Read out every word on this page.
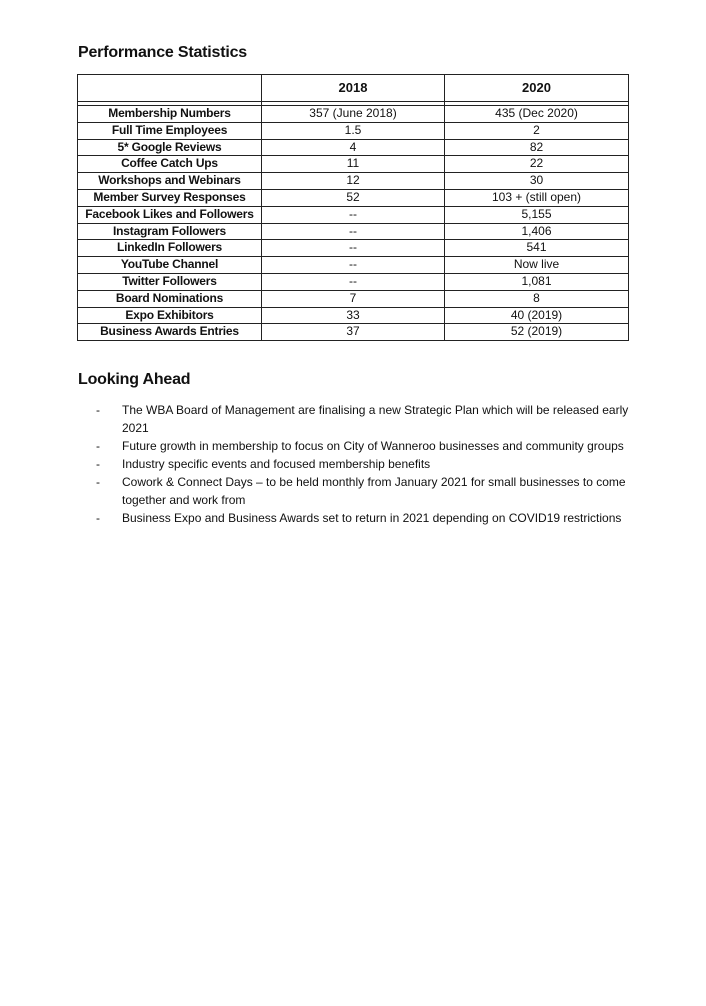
Performance Statistics
	2018	2020

Membership Numbers	357 (June 2018)	435 (Dec 2020)
Full Time Employees	1.5	2
5* Google Reviews	4	82
Coffee Catch Ups	11	22
Workshops and Webinars	12	30
Member Survey Responses	52	103 + (still open)
Facebook Likes and Followers	--	5,155
Instagram Followers	--	1,406
LinkedIn Followers	--	541
YouTube Channel	--	Now live
Twitter Followers	--	1,081
Board Nominations	7	8
Expo Exhibitors	33	40 (2019)
Business Awards Entries	37	52 (2019)
Looking Ahead
- The WBA Board of Management are finalising a new Strategic Plan which will be released early 2021
- Future growth in membership to focus on City of Wanneroo businesses and community groups
- Industry specific events and focused membership benefits
- Cowork & Connect Days – to be held monthly from January 2021 for small businesses to come together and work from
- Business Expo and Business Awards set to return in 2021 depending on COVID19 restrictions
